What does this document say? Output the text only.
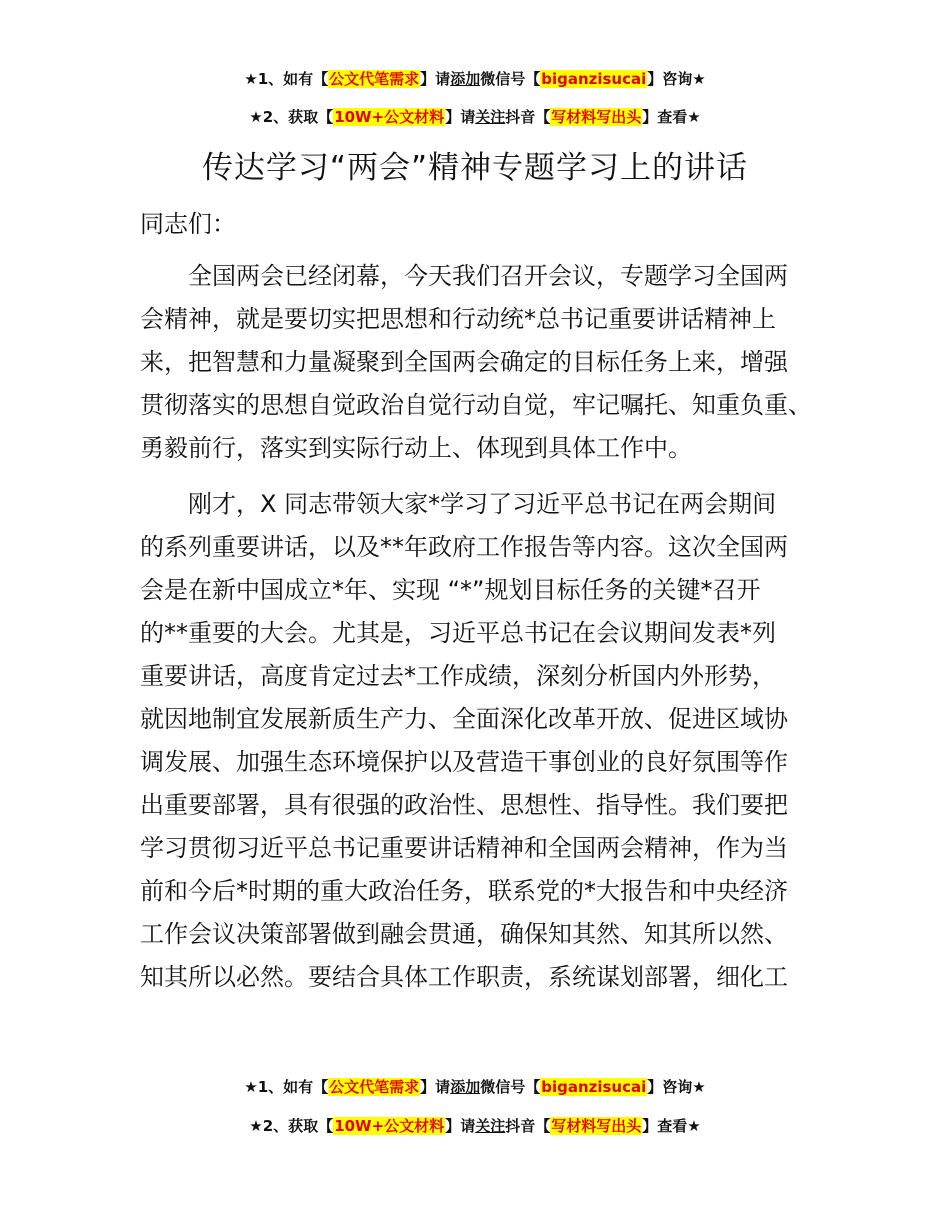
★1、如有【公文代笔需求】请添加微信号【biganzisucai】咨询★
★2、获取【10W+公文材料】请关注抖音【写材料写出头】查看★
传达学习“两会”精神专题学习上的讲话
同志们：
全国两会已经闭幕，今天我们召开会议，专题学习全国两
会精神，就是要切实把思想和行动统*总书记重要讲话精神上
来，把智慧和力量凝聚到全国两会确定的目标任务上来，增强
贯彻落实的思想自觉政治自觉行动自觉，牢记嘱托、知重负重、
勇毅前行，落实到实际行动上、体现到具体工作中。
刚才，X 同志带领大家*学习了习近平总书记在两会期间
的系列重要讲话，以及**年政府工作报告等内容。这次全国两
会是在新中国成立*年、实现 “*”规划目标任务的关键*召开
的**重要的大会。尤其是，习近平总书记在会议期间发表*列
重要讲话，高度肯定过去*工作成绩，深刻分析国内外形势，
就因地制宜发展新质生产力、全面深化改革开放、促进区域协
调发展、加强生态环境保护以及营造干事创业的良好氛围等作
出重要部署，具有很强的政治性、思想性、指导性。我们要把
学习贯彻习近平总书记重要讲话精神和全国两会精神，作为当
前和今后*时期的重大政治任务，联系党的*大报告和中央经济
工作会议决策部署做到融会贯通，确保知其然、知其所以然、
知其所以必然。要结合具体工作职责，系统谋划部署，细化工
★1、如有【公文代笔需求】请添加微信号【biganzisucai】咨询★
★2、获取【10W+公文材料】请关注抖音【写材料写出头】查看★
